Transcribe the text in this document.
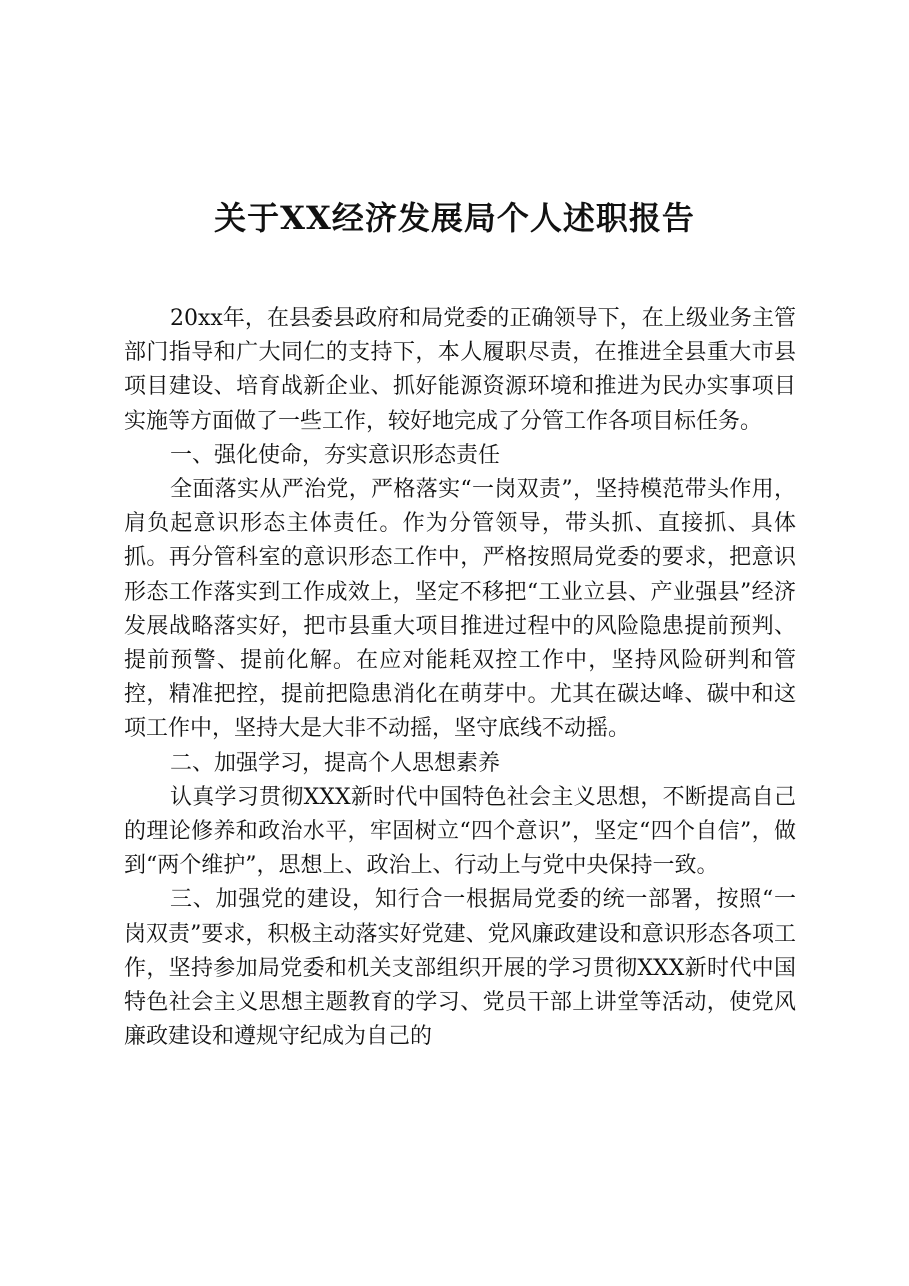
关于XX经济发展局个人述职报告

20xx年，在县委县政府和局党委的正确领导下，在上级业务主管部门指导和广大同仁的支持下，本人履职尽责，在推进全县重大市县项目建设、培育战新企业、抓好能源资源环境和推进为民办实事项目实施等方面做了一些工作，较好地完成了分管工作各项目标任务。

一、强化使命，夯实意识形态责任

全面落实从严治党，严格落实“一岗双责”，坚持模范带头作用，肩负起意识形态主体责任。作为分管领导，带头抓、直接抓、具体抓。再分管科室的意识形态工作中，严格按照局党委的要求，把意识形态工作落实到工作成效上，坚定不移把“工业立县、产业强县”经济发展战略落实好，把市县重大项目推进过程中的风险隐患提前预判、提前预警、提前化解。在应对能耗双控工作中，坚持风险研判和管控，精准把控，提前把隐患消化在萌芽中。尤其在碳达峰、碳中和这项工作中，坚持大是大非不动摇，坚守底线不动摇。

二、加强学习，提高个人思想素养

认真学习贯彻XXX新时代中国特色社会主义思想，不断提高自己的理论修养和政治水平，牢固树立“四个意识”，坚定“四个自信”，做到“两个维护”，思想上、政治上、行动上与党中央保持一致。

三、加强党的建设，知行合一根据局党委的统一部署，按照“一岗双责”要求，积极主动落实好党建、党风廉政建设和意识形态各项工作，坚持参加局党委和机关支部组织开展的学习贯彻XXX新时代中国特色社会主义思想主题教育的学习、党员干部上讲堂等活动，使党风廉政建设和遵规守纪成为自己的
